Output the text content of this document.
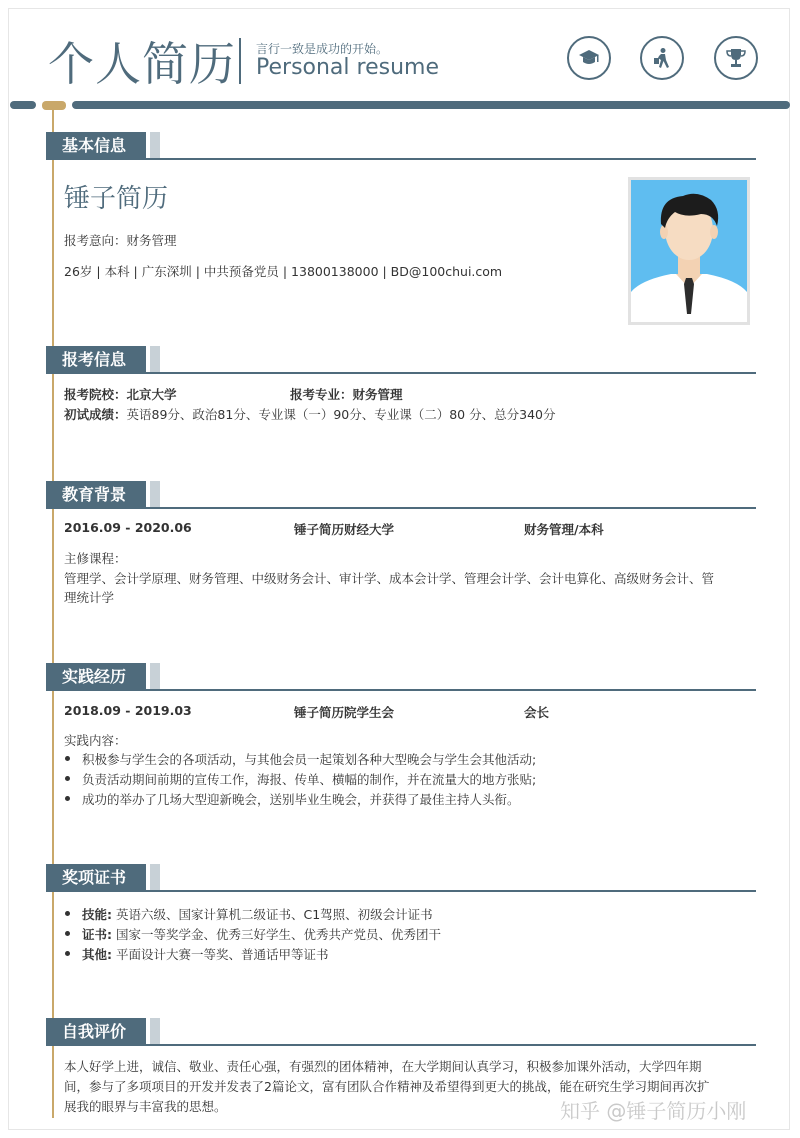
个人简历 言行一致是成功的开始。
Personal resume
基本信息
锤子简历
报考意向：财务管理
26岁 | 本科 | 广东深圳 | 中共预备党员 | 13800138000 | BD@100chui.com
报考信息
报考院校：北京大学	报考专业：财务管理
初试成绩：英语89分、政治81分、专业课（一）90分、专业课（二）80 分、总分340分
教育背景
2016.09 - 2020.06	锤子简历财经大学	财务管理/本科
主修课程：
管理学、会计学原理、财务管理、中级财务会计、审计学、成本会计学、管理会计学、会计电算化、高级财务会计、管
理统计学
实践经历
2018.09 - 2019.03	锤子简历院学生会	会长
实践内容：
积极参与学生会的各项活动，与其他会员一起策划各种大型晚会与学生会其他活动;
负责活动期间前期的宣传工作，海报、传单、横幅的制作，并在流量大的地方张贴;
成功的举办了几场大型迎新晚会，送别毕业生晚会，并获得了最佳主持人头衔。
奖项证书
技能: 英语六级、国家计算机二级证书、C1驾照、初级会计证书
证书: 国家一等奖学金、优秀三好学生、优秀共产党员、优秀团干
其他: 平面设计大赛一等奖、普通话甲等证书
自我评价
本人好学上进，诚信、敬业、责任心强，有强烈的团体精神，在大学期间认真学习，积极参加课外活动，大学四年期
间，参与了多项项目的开发并发表了2篇论文，富有团队合作精神及希望得到更大的挑战，能在研究生学习期间再次扩
展我的眼界与丰富我的思想。	知乎 @锤子简历小刚
